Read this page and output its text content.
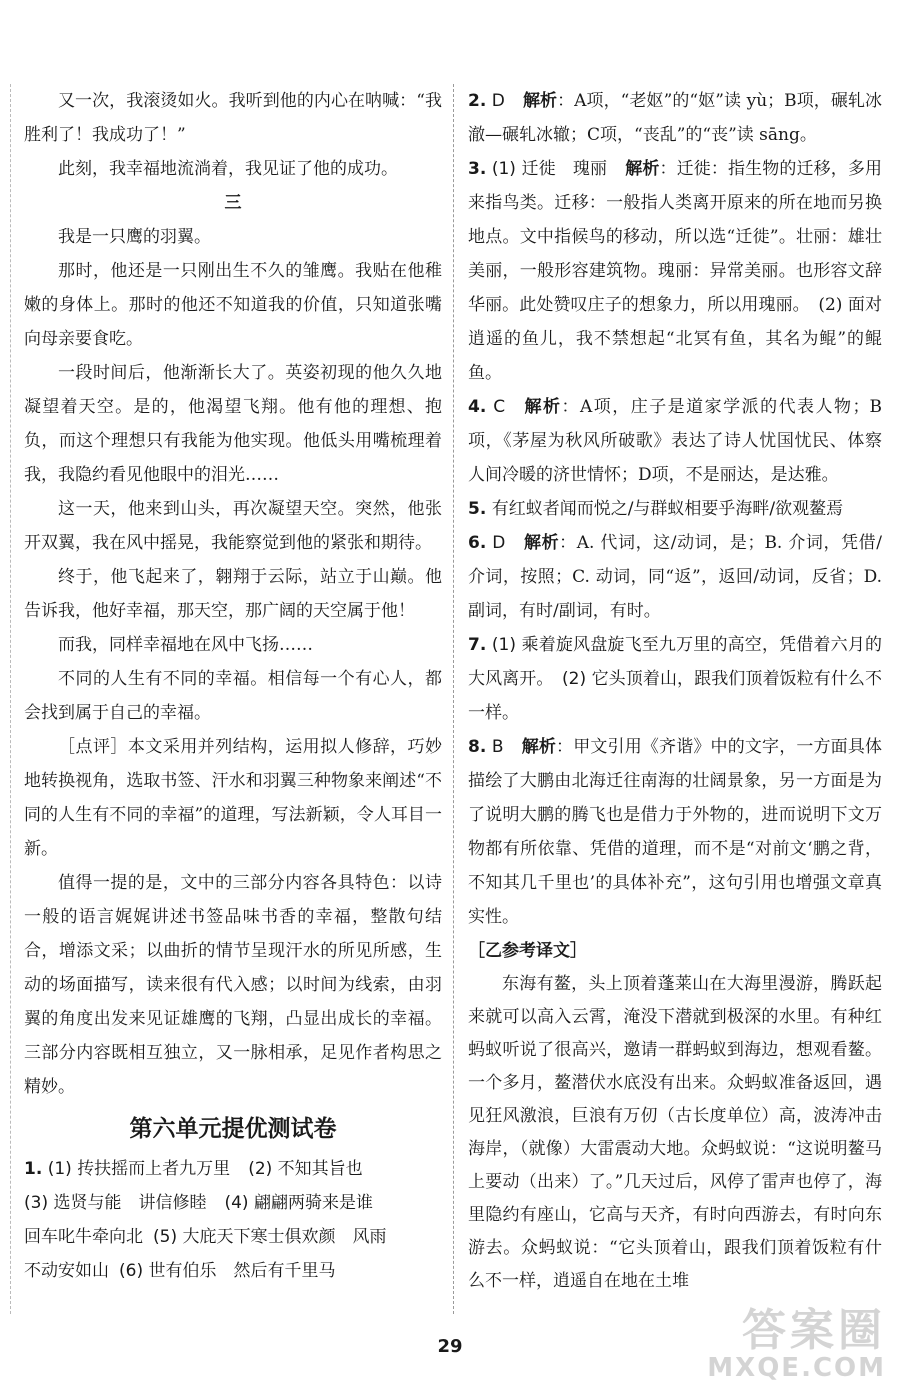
又一次，我滚烫如火。我听到他的内心在呐喊：“我胜利了！我成功了！”

此刻，我幸福地流淌着，我见证了他的成功。

三

我是一只鹰的羽翼。

那时，他还是一只刚出生不久的雏鹰。我贴在他稚嫩的身体上。那时的他还不知道我的价值，只知道张嘴向母亲要食吃。

一段时间后，他渐渐长大了。英姿初现的他久久地凝望着天空。是的，他渴望飞翔。他有他的理想、抱负，而这个理想只有我能为他实现。他低头用嘴梳理着我，我隐约看见他眼中的泪光……

这一天，他来到山头，再次凝望天空。突然，他张开双翼，我在风中摇晃，我能察觉到他的紧张和期待。

终于，他飞起来了，翱翔于云际，站立于山巅。他告诉我，他好幸福，那天空，那广阔的天空属于他！

而我，同样幸福地在风中飞扬……

不同的人生有不同的幸福。相信每一个有心人，都会找到属于自己的幸福。

［点评］本文采用并列结构，运用拟人修辞，巧妙地转换视角，选取书签、汗水和羽翼三种物象来阐述“不同的人生有不同的幸福”的道理，写法新颖，令人耳目一新。

值得一提的是，文中的三部分内容各具特色：以诗一般的语言娓娓讲述书签品味书香的幸福，整散句结合，增添文采；以曲折的情节呈现汗水的所见所感，生动的场面描写，读来很有代入感；以时间为线索，由羽翼的角度出发来见证雄鹰的飞翔，凸显出成长的幸福。三部分内容既相互独立，又一脉相承，足见作者构思之精妙。

第六单元提优测试卷

1. (1) 抟扶摇而上者九万里 (2) 不知其旨也

(3) 选贤与能　讲信修睦 (4) 翩翩两骑来是谁

回车叱牛牵向北 (5) 大庇天下寒士俱欢颜　风雨

不动安如山 (6) 世有伯乐　然后有千里马

2. D 解析：A项，“老妪”的“妪”读 yù；B项，碾轧冰澈—碾轧冰辙；C项，“丧乱”的“丧”读 sāng。

3. (1) 迁徙　瑰丽 解析：迁徙：指生物的迁移，多用来指鸟类。迁移：一般指人类离开原来的所在地而另换地点。文中指候鸟的移动，所以选“迁徙”。壮丽：雄壮美丽，一般形容建筑物。瑰丽：异常美丽。也形容文辞华丽。此处赞叹庄子的想象力，所以用瑰丽。　(2) 面对逍遥的鱼儿，我不禁想起“北冥有鱼，其名为鲲”的鲲鱼。

4. C 解析：A项，庄子是道家学派的代表人物；B项，《茅屋为秋风所破歌》表达了诗人忧国忧民、体察人间冷暖的济世情怀；D项，不是丽达，是达雅。

5. 有红蚁者闻而悦之/与群蚁相要乎海畔/欲观鳌焉

6. D 解析：A. 代词，这/动词，是；B. 介词，凭借/介词，按照；C. 动词，同“返”，返回/动词，反省；D. 副词，有时/副词，有时。

7. (1) 乘着旋风盘旋飞至九万里的高空，凭借着六月的大风离开。　(2) 它头顶着山，跟我们顶着饭粒有什么不一样。

8. B 解析：甲文引用《齐谐》中的文字，一方面具体描绘了大鹏由北海迁往南海的壮阔景象，另一方面是为了说明大鹏的腾飞也是借力于外物的，进而说明下文万物都有所依靠、凭借的道理，而不是“对前文‘鹏之背，不知其几千里也’的具体补充”，这句引用也增强文章真实性。

［乙参考译文］

东海有鳌，头上顶着蓬莱山在大海里漫游，腾跃起来就可以高入云霄，淹没下潜就到极深的水里。有种红蚂蚁听说了很高兴，邀请一群蚂蚁到海边，想观看鳌。一个多月，鳌潜伏水底没有出来。众蚂蚁准备返回，遇见狂风激浪，巨浪有万仞（古长度单位）高，波涛冲击海岸，（就像）大雷震动大地。众蚂蚁说：“这说明鳌马上要动（出来）了。”几天过后，风停了雷声也停了，海里隐约有座山，它高与天齐，有时向西游去，有时向东游去。众蚂蚁说：“它头顶着山，跟我们顶着饭粒有什么不一样，逍遥自在地在土堆

29	答案圈
MXQE.COM
